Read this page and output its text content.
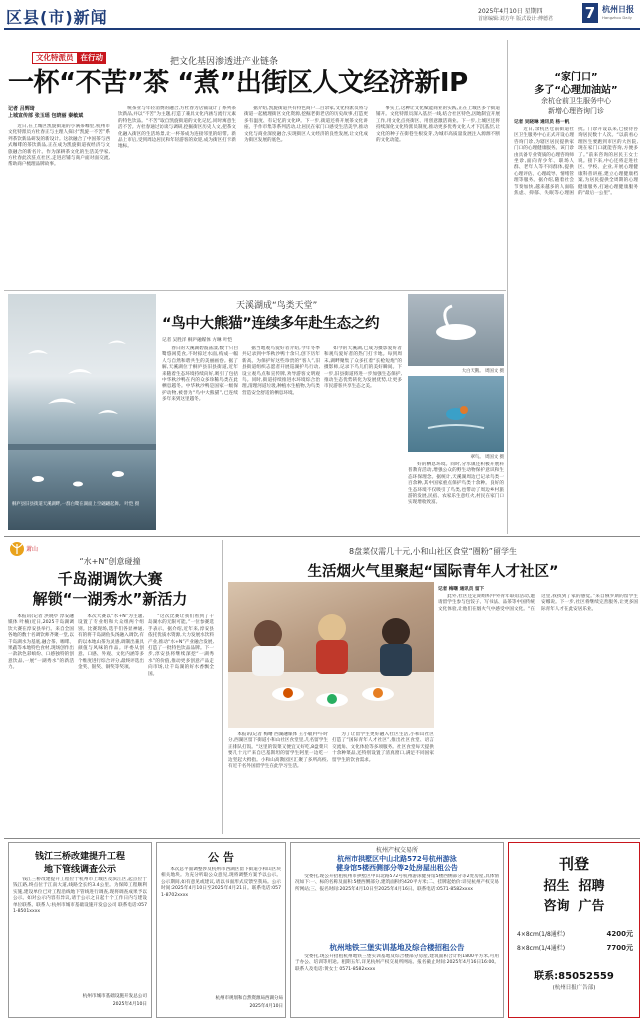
区县(市)新闻	2025年4月10日 星期四
首席编辑:刘方年 版式设计:傅德君 7 杭州日报
Hangzhou Daily
文化特派员 在行动	把文化基因渗透进产业链条
一杯“不苦”茶 “煮”出街区人文经济新IP
记者 吕辉琦
上城宣传部 张玉瑶 包晓丽 秦敏斌

近日,在上城区凯旋街道的小满茶咖里,杭州市文化特派员方杜春正与主理人探讨“凯旋一不苦”系列茶饮新品研发的新设计。这款融合了中国茶与西式咖啡的茶饮新品,正在成为凯旋街道夜经济与文旅融合的新名片。作为深耕茶文化的生活美学家,方杜春此次驻点社区,走进店铺与商户面对面交流,帮助商户梳理品牌故事。

统茶业与年轻消费的融合,方杜春为店铺设计了系列茶饮新品,并以“不苦”为主题,打造了兼具文化内涵与流行元素的特色饮品。“不苦”取自凯旋街道的文化记忆,同时寓意生活不苦。方杜春通过访谈与调研,挖掘街区历史人文,把茶文化融入街区的生活场景,让一杯茶成为连接邻里的纽带。新品上市后,受到周边居民和年轻游客的欢迎,成为街区打卡新地标。

据介绍,凯旋街道共有特色商户二百余家,文化特派员将与街道一起梳理街区文化资源,挖掘老街老店的历史故事,打造更多有温度、有记忆的文化IP。下一步,街道还将开展茶文化讲座、手作市集等系列活动,让居民在家门口感受生活美学,推动文化与商业深度融合,实现街区人文经济的良性发展,让文化成为街区发展的底色。

事实上,这种让文化赋能商业的实践,正在上城区多个街道铺开。文化特派员深入基层一线,结合社区特色,因地制宜开展工作,用文化点亮街区、用创意激活商业。下一步,上城区还将持续深化文化特派员制度,推动更多优秀文化人才下沉基层,让文化的种子在街巷生根发芽,为城市高质量发展注入源源不断的文化动能。

“家门口”
多了“心理加油站”
余杭仓前卫生服务中心
新增心理咨询门诊
记者 吴晓琳 通讯员 杨一帆

近日,余杭区仓前街道社区卫生服务中心正式开设心理咨询门诊,为辖区居民提供家门口的心理健康服务。该门诊由具备专业资质的心理咨询师坐诊,面向青少年、职场人群、老年人等不同群体,提供心理评估、心理疏导、情绪管理等服务。据介绍,随着社会节奏加快,越来越多的人面临焦虑、抑郁、失眠等心理困扰。门诊开设以来,已接待咨询居民数十人次。“以前看心理医生要跑到市区的大医院,现在家门口就能咨询,方便多了。”前来咨询的居民王女士说。接下来,中心还将走进社区、学校、企业,开展心理健康科普讲座,建立心理健康档案,为居民提供全周期的心理健康服务,打通心理健康服务的“最后一公里”。

桐庐县旧县街道天溪湖畔,一群白鹭在湖面上空翩翩起舞。 叶恺 摄
天溪湖成“鸟类天堂”
“鸟中大熊猫”连续多年赴生态之约
记者 吴胜洋 桐庐融媒体 方琳 叶恺

春日的天溪湖碧波荡漾,数十只白鹭悠闲觅食,不时掠过水面,构成一幅人与自然和谐共生的美丽画卷。据了解,天溪湖位于桐庐县旧县街道,近年来随着生态环境持续向好,吸引了包括中华秋沙鸭在内的众多珍稀鸟类在此栖息越冬。中华秋沙鸭是国家一级保护动物,被誉为“鸟中大熊猫”,已连续多年来到这里越冬。

据当地观鸟爱好者介绍,今年冬季共记录到中华秋沙鸭十余只,创下历年新高。为保护好这些珍贵的“客人”,旧县街道组织志愿者开展巡湖护鸟行动,设立观鸟点和宣传牌,劝导游客文明观鸟。同时,街道持续推进水环境综合治理,清理河道垃圾,种植水生植物,为鸟类营造安全舒适的栖息环境。

如今的天溪湖,已成为摄影爱好者和观鸟爱好者的热门打卡地。每到周末,湖畔聚集了众多扛着“长枪短炮”的摄影师,记录下鸟儿们的美好瞬间。下一步,旧县街道将进一步加强生态保护,推动生态优势转化为发展优势,让更多市民游客共享生态之美。

大白天鹅。 周国文 摄
翠鸟。 周国文 摄

好的栖息环境。同时,分水镇还积极开展科普教育活动,增强公众的野生动物保护意识和生态环保理念。据统计,天溪湖周边已记录鸟类一百余种,其中国家重点保护鸟类十余种。良好的生态环境不仅吸引了鸟类,也带动了周边乡村旅游的发展,民宿、农家乐生意红火,村民在家门口实现增收致富。

萧山
“水+N”创意碰撞
千岛湖调饮大赛
解锁“一湖秀水”新活力

本报讯(记者 洪晓亭 淳安融媒体 叶楠)近日,2025千岛湖调饮大赛在淳安县举行。来自全国各地的数十名调饮师齐聚一堂,以千岛湖水为基底,融合茶、咖啡、果蔬等本地特色食材,现场创作出一款款色彩缤纷、口感独特的创意饮品,一展“一湖秀水”的新活力。

本次大赛以“水+N”为主题,设置了专业组和大众组两个组别。比赛现场,选手们各显神通,有的将千岛湖鱼头汤融入调饮,有的以本地山茶为灵感,调制出兼具颜值与风味的作品。评委从创意、口感、外观、文化内涵等多个维度进行综合评分,最终评选出金奖、银奖、铜奖等奖项。

“这次比赛让我们看到了千岛湖水的无限可能。”一位参赛选手表示。据介绍,近年来,淳安县依托优质水资源,大力发展水饮料产业,推动“水+N”产业融合发展,打造了一批特色饮品品牌。下一步,淳安县将继续深挖“一湖秀水”的价值,推动更多创意产品走向市场,让千岛湖的好水香飘全国。

8盘菜仅需几十元,小和山社区食堂“圈粉”留学生
生活烟火气里聚起“国际青年人才社区”
记者 梅曙 通讯员 留下

此外,社区还定期组织中外青年联谊活动,邀请留学生参与包饺子、写书法、品茶等中国传统文化体验,让他们在烟火气中感受中国文化。“在这里,我找到了家的感觉。”来自俄罗斯的留学生安娜说。下一步,社区将继续完善服务,让更多国际青年人才在此安居乐业。

本报讯(记者 梅曙 西湖融媒体 王小敏)中午时分,西湖区留下街道小和山社区食堂里,几名留学生正排队打饭。“这里的饭菜又便宜又好吃,8盘菜只要几十元!”来自巴基斯坦的留学生阿里一边吃一边竖起大拇指。小和山高教园区汇聚了多所高校,有近千名外国留学生在此学习生活。

为了让留学生更好融入社区生活,小和山社区打造了“国际青年人才社区”,推出社区食堂、语言交流角、文化体验等多项服务。社区食堂每天提供十余种菜品,还特别设置了清真窗口,满足不同国家留学生的饮食需求。

钱江三桥改建提升工程
地下管线调查公示

钱江三桥改建提升工程位于杭州市上城区及滨江区,起点位于钱江路,终点位于江南大道,线路全长约3.4公里。为保障工程顺利实施,建设单位已对工程沿线地下管线进行调查,现将调查成果予以公示。如对公示内容有异议,请于公示之日起十个工作日内与建设单位联系。联系人:杭州市城市基础设施开发总公司 联系电话:0571-8501xxxx

杭州市城市基础设施开发总公司
2025年4月10日
公 告

本次总平面调整涉及杭州市西湖区留下街道小和山区块相关地块。为充分听取公众意见,现将调整方案予以公示。公示期间,如有意见或建议,请以书面形式反馈至我局。公示时间:2025年4月10日至2025年4月21日。联系电话:0571-8702xxxx

杭州市规划和自然资源局西湖分局
2025年4月10日
杭州产权交易所
杭州市拱墅区中山北路572号杭州游泳
健身馆5楼西侧部分等2处房屋出租公告

受委托,现公开招租杭州市拱墅区中山北路572号杭州游泳健身馆5楼西侧部分等2处房屋,具体情况如下:一、标的名称及面积:5楼西侧部分,建筑面积约420平方米;二、挂牌起始价:详见杭州产权交易所网站;三、报名时间:2025年4月10日至2025年4月16日。联系电话:0571-8582xxxx

杭州地铁三堡实训基地及综合楼招租公告

受委托,现公开招租杭州地铁三堡实训基地及综合楼部分房屋,建筑面积合计约1800平方米,可用于办公、培训等用途。租期五年,详见杭州产权交易所网站。报名截止时间:2025年4月16日16:00。联系人及电话:黄女士 0571-8582xxxx

刊登
招生  招聘
咨询  广告
4×8cm(1/8通栏)	4200元
8×8cm(1/4通栏)	7700元
联系:85052559
(杭州日报广告部)
